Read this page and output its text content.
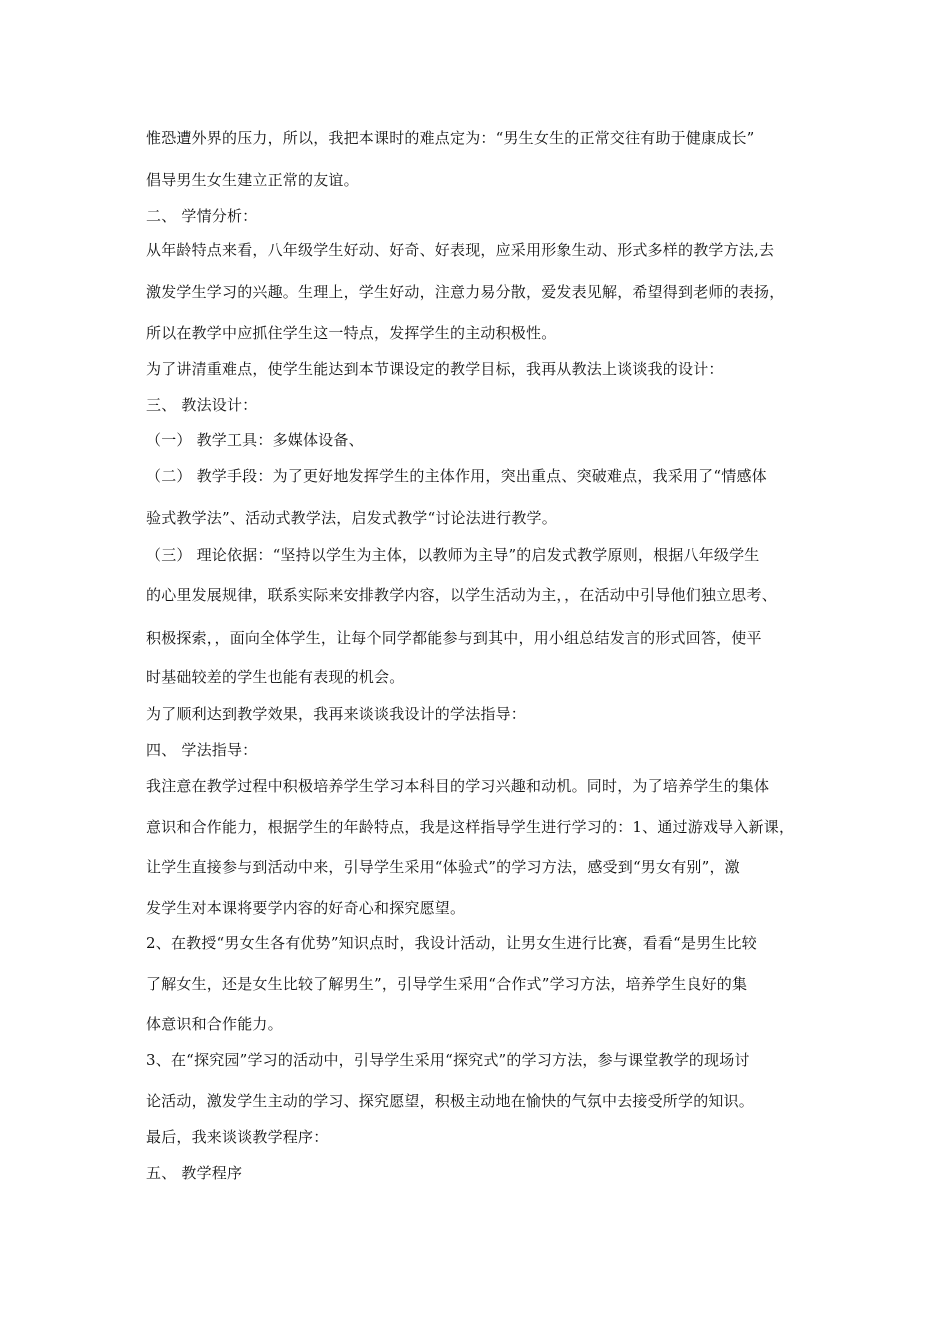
惟恐遭外界的压力，所以，我把本课时的难点定为：“男生女生的正常交往有助于健康成长”
倡导男生女生建立正常的友谊。
二、 学情分析：
从年龄特点来看，八年级学生好动、好奇、好表现，应采用形象生动、形式多样的教学方法,去
激发学生学习的兴趣。生理上，学生好动，注意力易分散，爱发表见解，希望得到老师的表扬，
所以在教学中应抓住学生这一特点，发挥学生的主动积极性。
为了讲清重难点，使学生能达到本节课设定的教学目标，我再从教法上谈谈我的设计：
三、 教法设计：
（一） 教学工具：多媒体设备、
（二） 教学手段：为了更好地发挥学生的主体作用，突出重点、突破难点，我采用了“情感体
验式教学法”、活动式教学法，启发式教学“讨论法进行教学。
（三） 理论依据：“坚持以学生为主体，以教师为主导”的启发式教学原则，根据八年级学生
的心里发展规律，联系实际来安排教学内容，以学生活动为主，，在活动中引导他们独立思考、
积极探索，，面向全体学生，让每个同学都能参与到其中，用小组总结发言的形式回答，使平
时基础较差的学生也能有表现的机会。
为了顺利达到教学效果，我再来谈谈我设计的学法指导：
四、 学法指导：
我注意在教学过程中积极培养学生学习本科目的学习兴趣和动机。同时，为了培养学生的集体
意识和合作能力，根据学生的年龄特点，我是这样指导学生进行学习的：1、通过游戏导入新课，
让学生直接参与到活动中来，引导学生采用“体验式”的学习方法，感受到“男女有别”，激
发学生对本课将要学内容的好奇心和探究愿望。
2、在教授“男女生各有优势”知识点时，我设计活动，让男女生进行比赛，看看“是男生比较
了解女生，还是女生比较了解男生”，引导学生采用“合作式”学习方法，培养学生良好的集
体意识和合作能力。
3、在“探究园”学习的活动中，引导学生采用“探究式”的学习方法，参与课堂教学的现场讨
论活动，激发学生主动的学习、探究愿望，积极主动地在愉快的气氛中去接受所学的知识。
最后，我来谈谈教学程序：
五、 教学程序
